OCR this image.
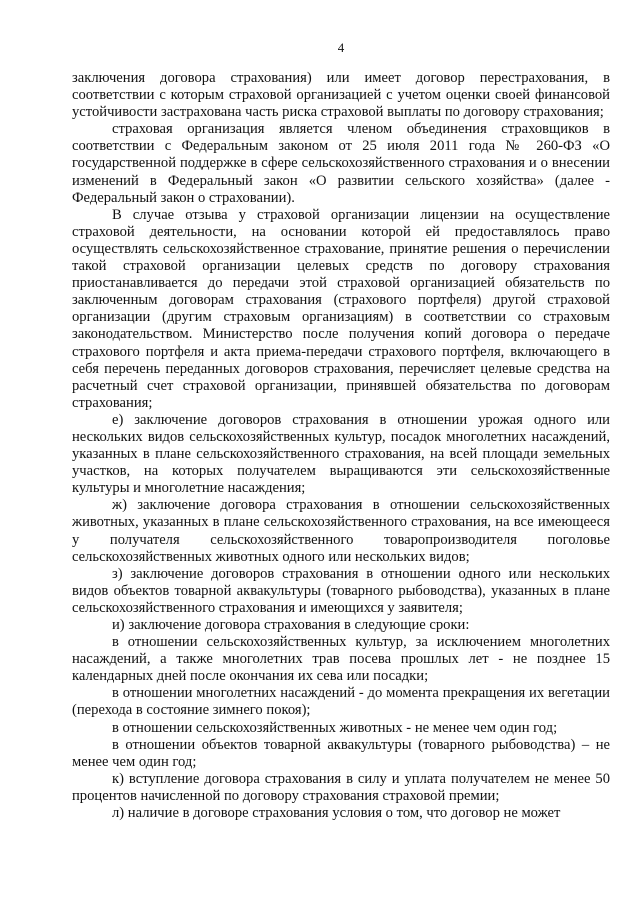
4

заключения договора страхования) или имеет договор перестрахования, в соответствии с которым страховой организацией с учетом оценки своей финансовой устойчивости застрахована часть риска страховой выплаты по договору страхования;

страховая организация является членом объединения страховщиков в соответствии с Федеральным законом от 25 июля 2011 года № 260-ФЗ «О государственной поддержке в сфере сельскохозяйственного страхования и о внесении изменений в Федеральный закон «О развитии сельского хозяйства» (далее - Федеральный закон о страховании).

В случае отзыва у страховой организации лицензии на осуществление страховой деятельности, на основании которой ей предоставлялось право осуществлять сельскохозяйственное страхование, принятие решения о перечислении такой страховой организации целевых средств по договору страхования приостанавливается до передачи этой страховой организацией обязательств по заключенным договорам страхования (страхового портфеля) другой страховой организации (другим страховым организациям) в соответствии со страховым законодательством. Министерство после получения копий договора о передаче страхового портфеля и акта приема-передачи страхового портфеля, включающего в себя перечень переданных договоров страхования, перечисляет целевые средства на расчетный счет страховой организации, принявшей обязательства по договорам страхования;

е) заключение договоров страхования в отношении урожая одного или нескольких видов сельскохозяйственных культур, посадок многолетних насаждений, указанных в плане сельскохозяйственного страхования, на всей площади земельных участков, на которых получателем выращиваются эти сельскохозяйственные культуры и многолетние насаждения;

ж) заключение договора страхования в отношении сельскохозяйственных животных, указанных в плане сельскохозяйственного страхования, на все имеющееся у получателя сельскохозяйственного товаропроизводителя поголовье сельскохозяйственных животных одного или нескольких видов;

з) заключение договоров страхования в отношении одного или нескольких видов объектов товарной аквакультуры (товарного рыбоводства), указанных в плане сельскохозяйственного страхования и имеющихся у заявителя;

и) заключение договора страхования в следующие сроки:

в отношении сельскохозяйственных культур, за исключением многолетних насаждений, а также многолетних трав посева прошлых лет - не позднее 15 календарных дней после окончания их сева или посадки;

в отношении многолетних насаждений - до момента прекращения их вегетации (перехода в состояние зимнего покоя);

в отношении сельскохозяйственных животных - не менее чем один год;

в отношении объектов товарной аквакультуры (товарного рыбоводства) – не менее чем один год;

к) вступление договора страхования в силу и уплата получателем не менее 50 процентов начисленной по договору страхования страховой премии;

л) наличие в договоре страхования условия о том, что договор не может
